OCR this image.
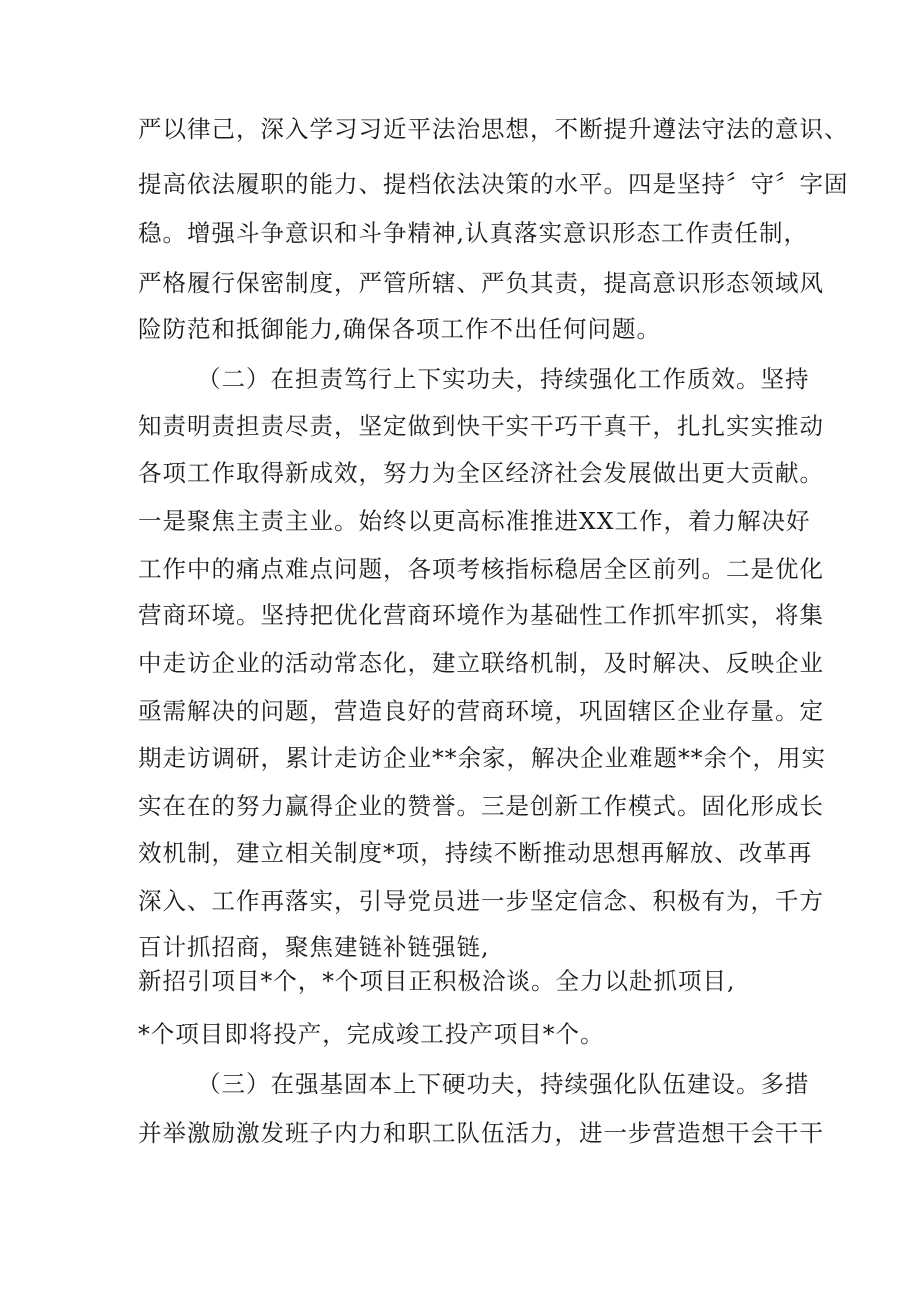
严以律己，深入学习习近平法治思想，不断提升遵法守法的意识、
提高依法履职的能力、提档依法决策的水平。四是坚持〞守〞字固
稳。增强斗争意识和斗争精神,认真落实意识形态工作责任制，
严格履行保密制度，严管所辖、严负其责，提高意识形态领域风
险防范和抵御能力,确保各项工作不出任何问题。
（二）在担责笃行上下实功夫，持续强化工作质效。坚持
知责明责担责尽责，坚定做到快干实干巧干真干，扎扎实实推动
各项工作取得新成效，努力为全区经济社会发展做出更大贡献。
一是聚焦主责主业。始终以更高标准推进XX工作，着力解决好
工作中的痛点难点问题，各项考核指标稳居全区前列。二是优化
营商环境。坚持把优化营商环境作为基础性工作抓牢抓实，将集
中走访企业的活动常态化，建立联络机制，及时解决、反映企业
亟需解决的问题，营造良好的营商环境，巩固辖区企业存量。定
期走访调研，累计走访企业**余家，解决企业难题**余个，用实
实在在的努力赢得企业的赞誉。三是创新工作模式。固化形成长
效机制，建立相关制度*项，持续不断推动思想再解放、改革再
深入、工作再落实，引导党员进一步坚定信念、积极有为，千方
百计抓招商，聚焦建链补链强链,
新招引项目*个，*个项目正积极洽谈。全力以赴抓项目,
*个项目即将投产，完成竣工投产项目*个。
（三）在强基固本上下硬功夫，持续强化队伍建设。多措
并举激励激发班子内力和职工队伍活力，进一步营造想干会干干
